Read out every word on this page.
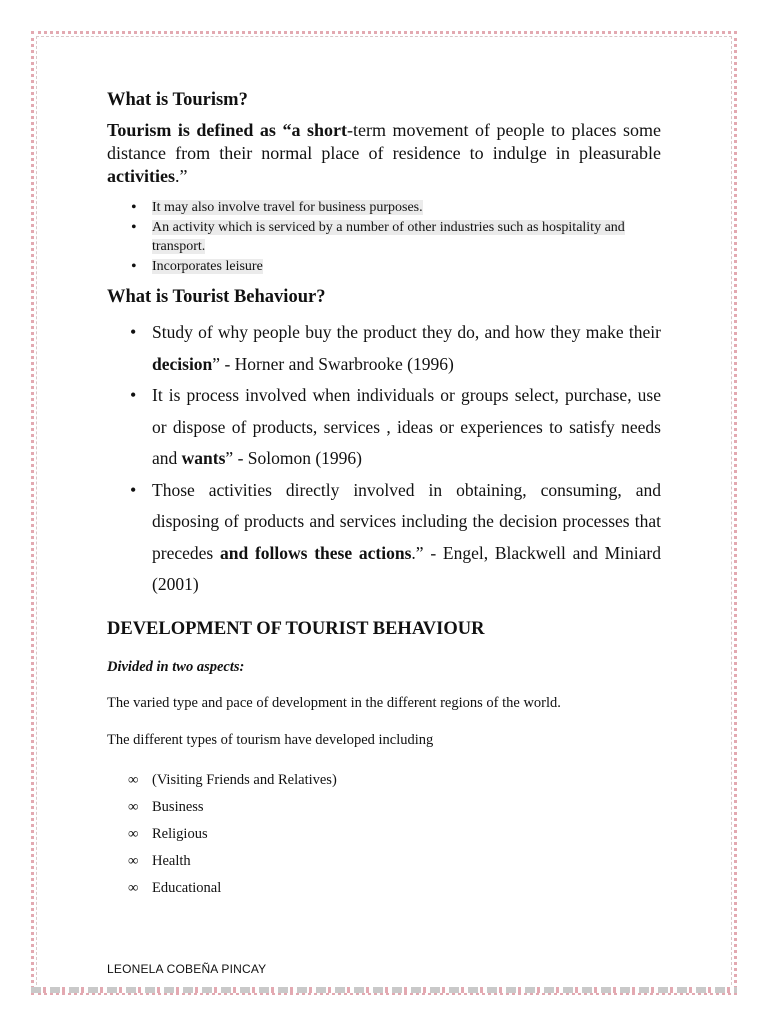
What is Tourism?

Tourism is defined as “a short-term movement of people to places some distance from their normal place of residence to indulge in pleasurable activities.”

• It may also involve travel for business purposes.
• An activity which is serviced by a number of other industries such as hospitality and transport.
• Incorporates leisure
What is Tourist Behaviour?
• Study of why people buy the product they do, and how they make their decision” - Horner and Swarbrooke (1996)
• It is process involved when individuals or groups select, purchase, use or dispose of products, services , ideas or experiences to satisfy needs and wants” - Solomon (1996)
• Those activities directly involved in obtaining, consuming, and disposing of products and services including the decision processes that precedes and follows these actions.” - Engel, Blackwell and Miniard (2001)
DEVELOPMENT OF TOURIST BEHAVIOUR
Divided in two aspects:

The varied type and pace of development in the different regions of the world.

The different types of tourism have developed including

∞ (Visiting Friends and Relatives)
∞ Business
∞ Religious
∞ Health
∞ Educational
LEONELA COBEÑA PINCAY
